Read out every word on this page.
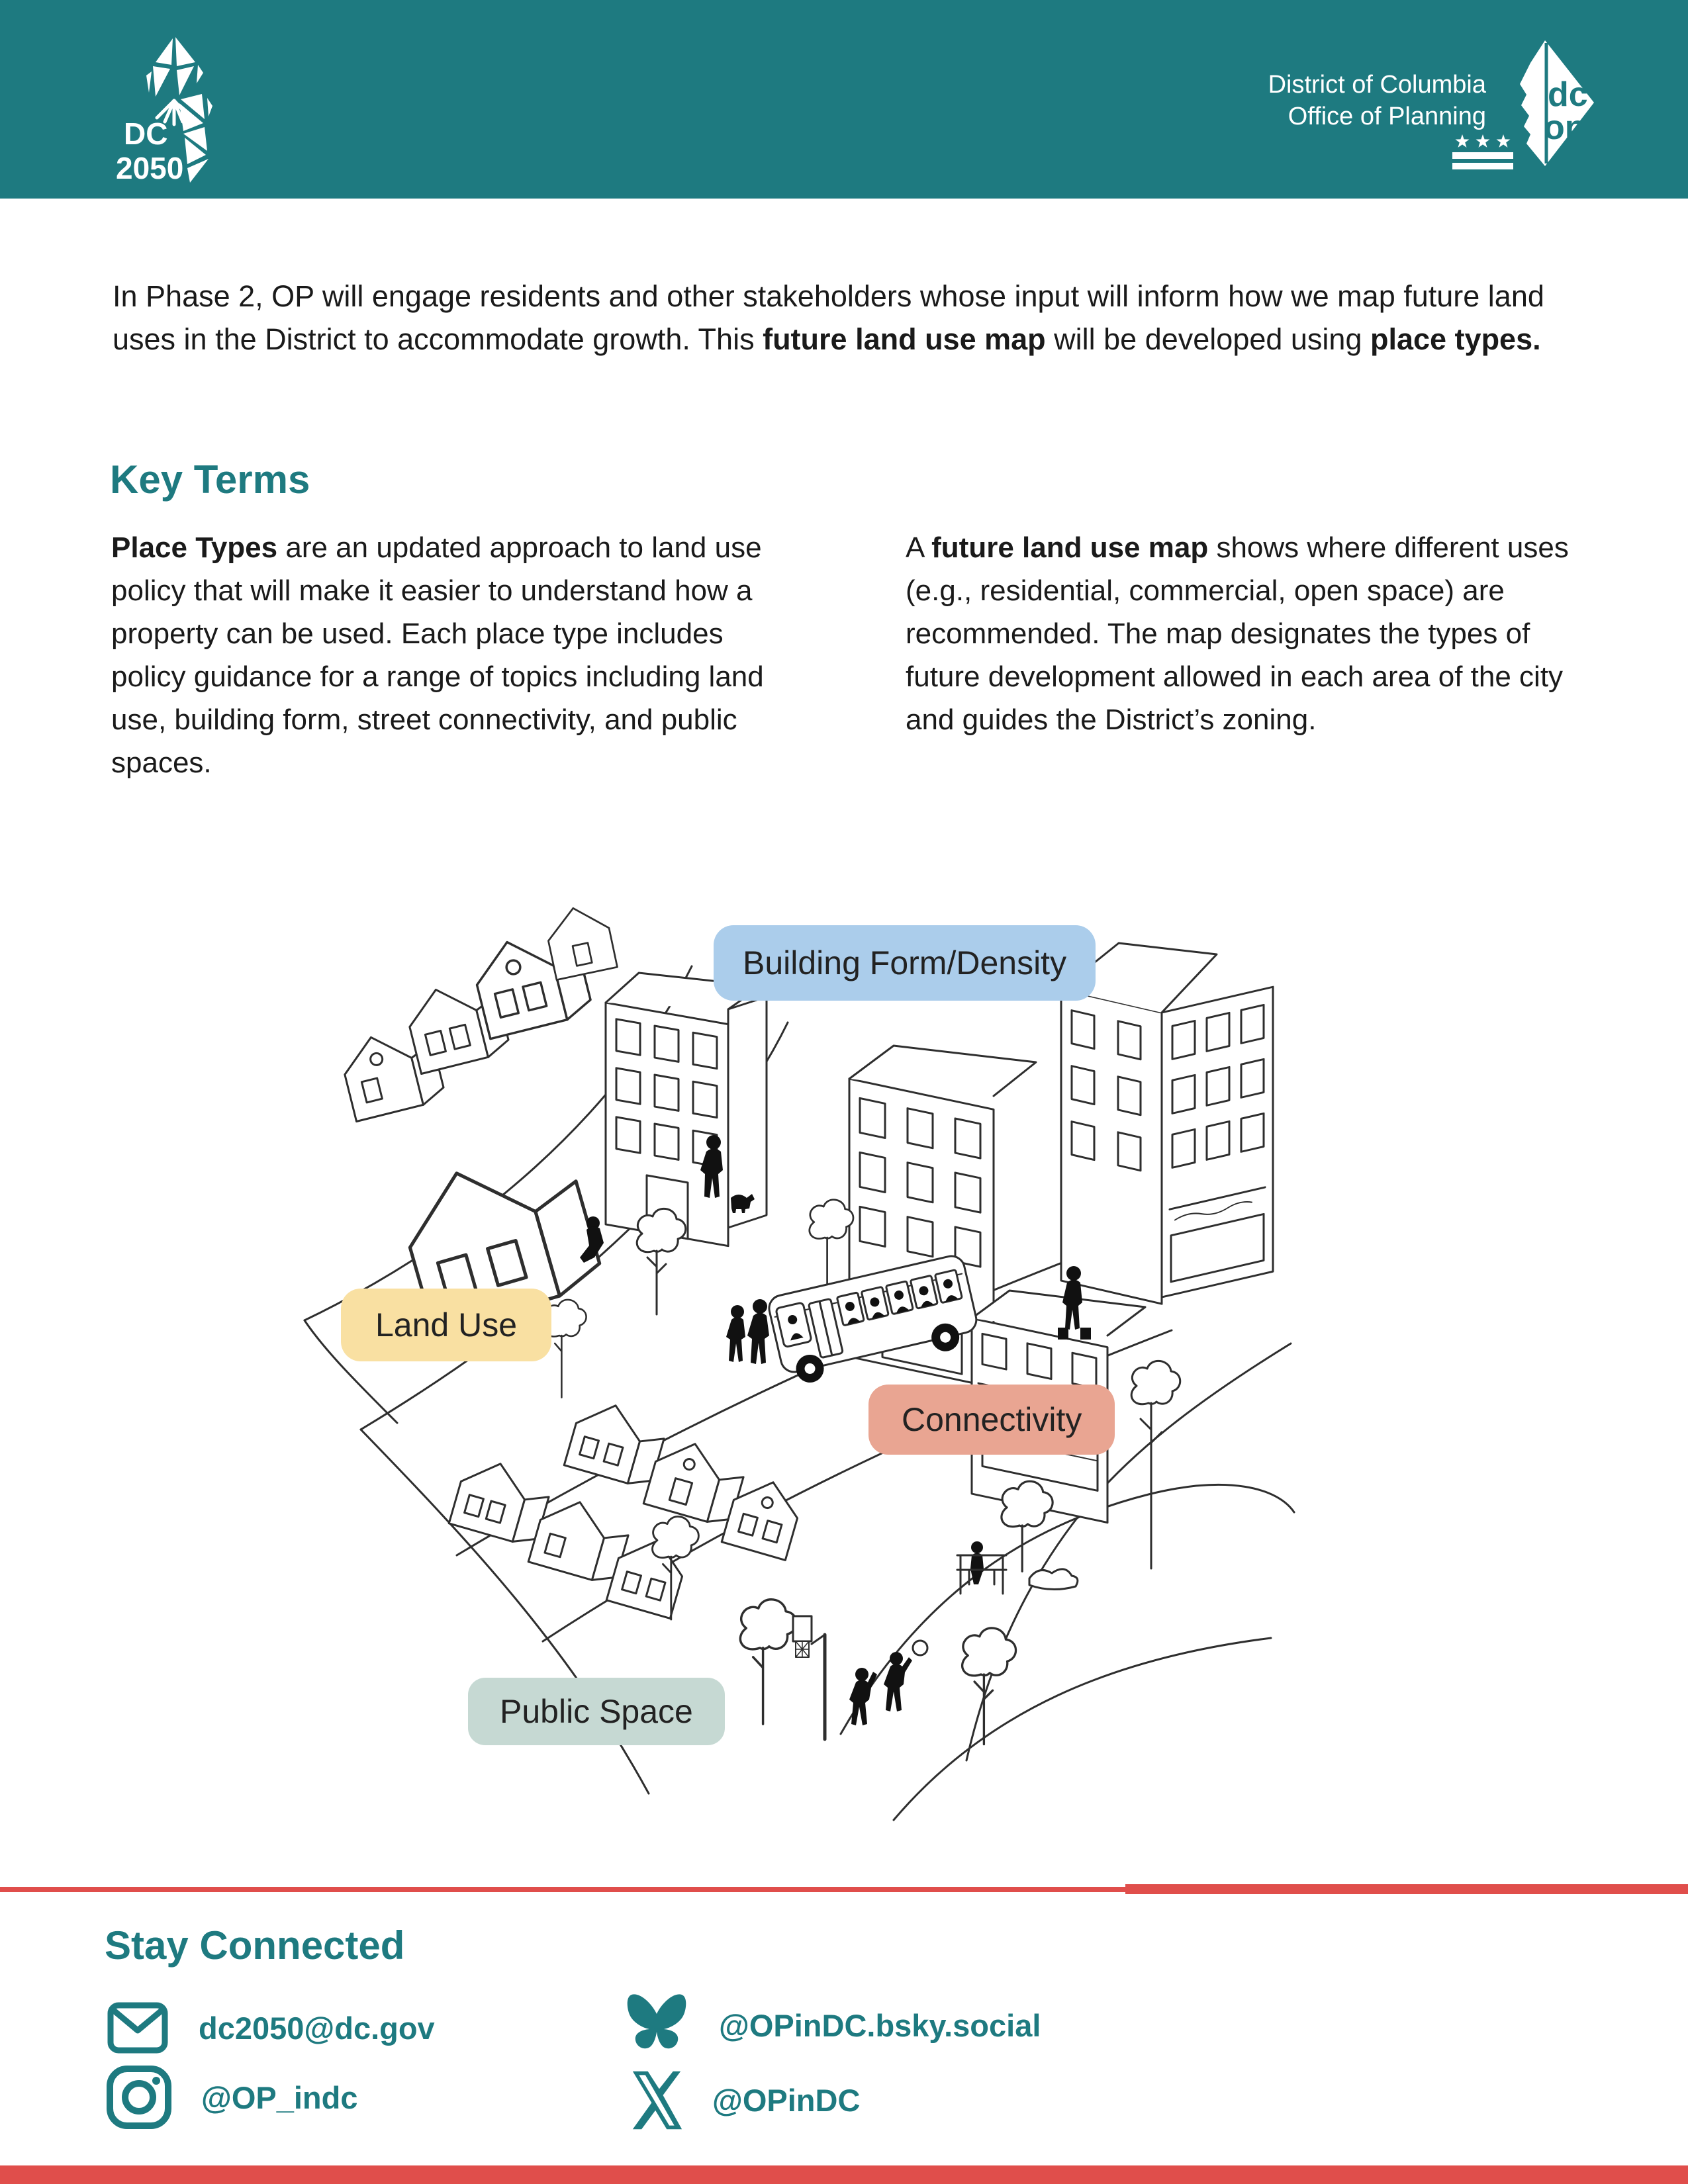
DC
2050
District of Columbia
Office of Planning
dc
op
In Phase 2, OP will engage residents and other stakeholders whose input will inform how we map future land uses in the District to accommodate growth. This future land use map will be developed using place types.
Key Terms
Place Types are an updated approach to land use policy that will make it easier to understand how a property can be used. Each place type includes policy guidance for a range of topics including land use, building form, street connectivity, and public spaces.
A future land use map shows where different uses (e.g., residential, commercial, open space) are recommended. The map designates the types of future development allowed in each area of the city and guides the District’s zoning.
Building Form/Density
Land Use
Connectivity
Public Space
Stay Connected
dc2050@dc.gov
@OP_indc
@OPinDC.bsky.social
@OPinDC
